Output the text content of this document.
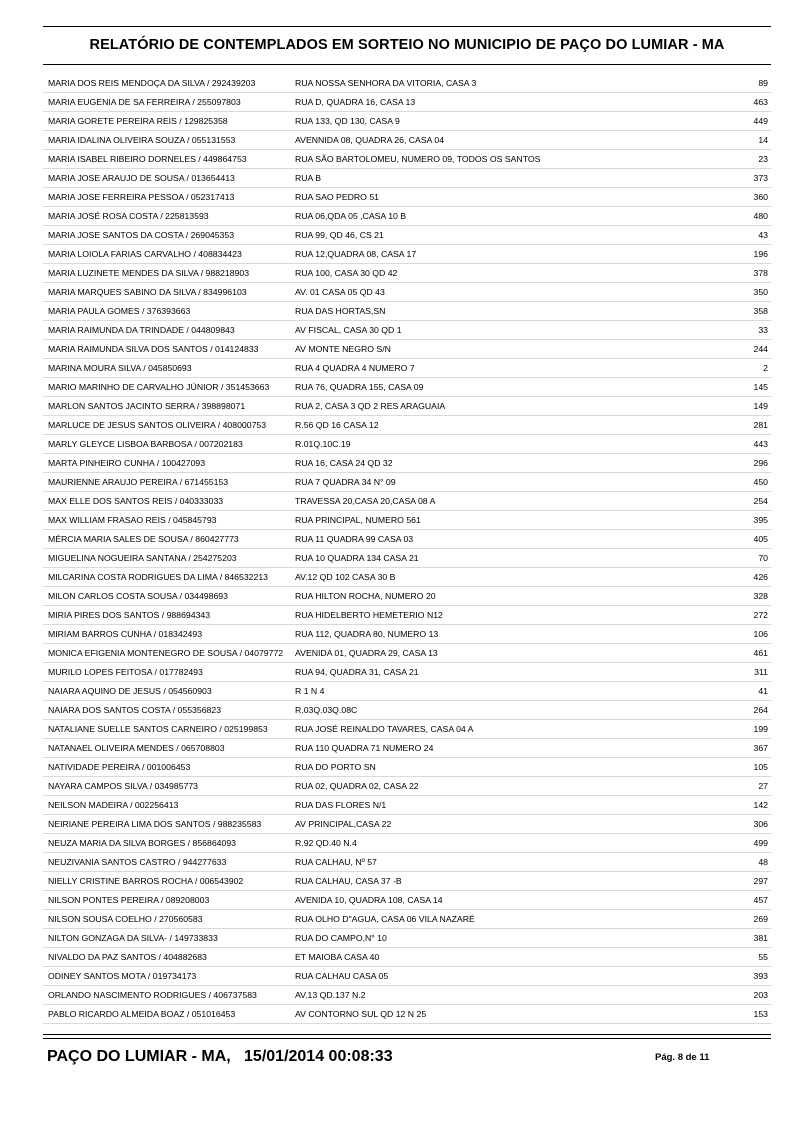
RELATÓRIO DE CONTEMPLADOS EM SORTEIO NO MUNICIPIO DE PAÇO DO LUMIAR - MA
MARIA DOS REIS MENDOÇA DA SILVA / 292439203	RUA NOSSA SENHORA DA VITORIA, CASA 3	89
MARIA EUGENIA DE SA FERREIRA / 255097803	RUA D, QUADRA 16, CASA 13	463
MARIA GORETE PEREIRA REIS / 129825358	RUA 133, QD 130, CASA 9	449
MARIA IDALINA OLIVEIRA SOUZA / 055131553	AVENNIDA 08, QUADRA 26, CASA 04	14
MARIA ISABEL RIBEIRO DORNELES / 449864753	RUA SÃO BARTOLOMEU, NUMERO 09, TODOS OS SANTOS	23
MARIA JOSE ARAUJO DE SOUSA / 013654413	RUA B	373
MARIA JOSE FERREIRA PESSOA / 052317413	RUA SAO PEDRO 51	360
MARIA JOSÉ ROSA COSTA / 225813593	RUA 06,QDA 05 ,CASA 10 B	480
MARIA JOSE SANTOS DA COSTA / 269045353	RUA 99, QD 46, CS 21	43
MARIA LOIOLA FARIAS CARVALHO / 408834423	RUA 12,QUADRA 08, CASA 17	196
MARIA LUZINETE MENDES DA SILVA / 988218903	RUA 100, CASA 30 QD 42	378
MARIA MARQUES SABINO DA SILVA / 834996103	AV. 01 CASA 05 QD 43	350
MARIA PAULA GOMES / 376393663	RUA DAS HORTAS,SN	358
MARIA RAIMUNDA DA TRINDADE / 044809843	AV FISCAL, CASA 30 QD 1	33
MARIA RAIMUNDA SILVA DOS SANTOS / 014124833	AV MONTE NEGRO S/N	244
MARINA MOURA SILVA / 045850693	RUA 4 QUADRA 4 NUMERO 7	2
MARIO MARINHO DE CARVALHO JÚNIOR / 351453663	RUA 76, QUADRA 155, CASA 09	145
MARLON SANTOS JACINTO SERRA / 398898071	RUA 2, CASA 3 QD 2 RES ARAGUAIA	149
MARLUCE DE JESUS SANTOS OLIVEIRA / 408000753	R.56 QD 16 CASA 12	281
MARLY GLEYCE LISBOA BARBOSA / 007202183	R.01Q.10C.19	443
MARTA PINHEIRO CUNHA / 100427093	RUA 16, CASA 24 QD 32	296
MAURIENNE ARAUJO PEREIRA / 671455153	RUA 7 QUADRA 34 N° 09	450
MAX ELLE DOS SANTOS REIS / 040333033	TRAVESSA 20,CASA 20,CASA 08 A	254
MAX WILLIAM FRASAO REIS / 045845793	RUA PRINCIPAL, NUMERO 561	395
MÉRCIA MARIA SALES DE SOUSA / 860427773	RUA 11 QUADRA 99 CASA 03	405
MIGUELINA NOGUEIRA SANTANA / 254275203	RUA 10 QUADRA 134 CASA 21	70
MILCARINA COSTA RODRIGUES DA LIMA / 846532213	AV.12 QD 102 CASA 30 B	426
MILON CARLOS COSTA SOUSA / 034498693	RUA HILTON ROCHA, NUMERO 20	328
MIRIA PIRES DOS SANTOS / 988694343	RUA HIDELBERTO HEMETERIO N12	272
MIRIAM BARROS CUNHA / 018342493	RUA 112, QUADRA 80, NUMERO 13	106
MONICA EFIGENIA MONTENEGRO DE SOUSA / 04079772 AVENIDA 01, QUADRA 29, CASA 13	461
MURILO LOPES FEITOSA / 017782493	RUA 94, QUADRA 31, CASA 21	311
NAIARA AQUINO DE JESUS / 054560903	R 1 N 4	41
NAIARA DOS SANTOS COSTA / 055356823	R.03Q.03Q.08C	264
NATALIANE SUELLE SANTOS CARNEIRO / 025199853	RUA JOSÉ REINALDO TAVARES, CASA 04 A	199
NATANAEL OLIVEIRA MENDES / 065708803	RUA 110 QUADRA 71 NUMERO 24	367
NATIVIDADE PEREIRA / 001006453	RUA DO PORTO SN	105
NAYARA CAMPOS SILVA / 034985773	RUA 02, QUADRA 02, CASA 22	27
NEILSON MADEIRA / 002256413	RUA DAS FLORES N/1	142
NEIRIANE PEREIRA LIMA DOS SANTOS / 988235583	AV PRINCIPAL,CASA 22	306
NEUZA MARIA DA SILVA BORGES / 856864093	R.92 QD.40 N.4	499
NEUZIVANIA SANTOS CASTRO / 944277633	RUA CALHAU, Nº 57	48
NIELLY CRISTINE BARROS ROCHA / 006543902	RUA CALHAU, CASA 37 -B	297
NILSON PONTES PEREIRA / 089208003	AVENIDA 10, QUADRA 108, CASA 14	457
NILSON SOUSA COELHO / 270560583	RUA OLHO D"AGUA, CASA 06 VILA NAZARÉ	269
NILTON GONZAGA DA SILVA- / 149733833	RUA DO CAMPO,N° 10	381
NIVALDO DA PAZ SANTOS / 404882683	ET MAIOBA CASA 40	55
ODINEY SANTOS MOTA / 019734173	RUA CALHAU CASA 05	393
ORLANDO NASCIMENTO RODRIGUES / 406737583	AV.13 QD.137 N.2	203
PABLO RICARDO ALMEIDA BOAZ / 051016453	AV CONTORNO SUL QD 12 N 25	153
PAÇO DO LUMIAR - MA,   15/01/2014 00:08:33	Pág. 8 de 11
